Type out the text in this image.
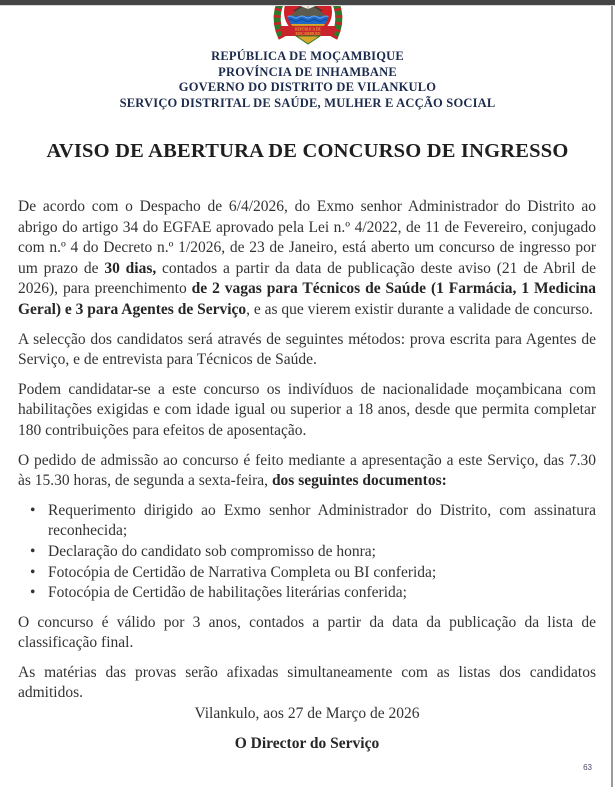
REPÚBLICA DE
MOÇAMBIQUE
REPÚBLICA DE MOÇAMBIQUE
PROVÍNCIA DE INHAMBANE
GOVERNO DO DISTRITO DE VILANKULO
SERVIÇO DISTRITAL DE SAÚDE, MULHER E ACÇÃO SOCIAL
AVISO DE ABERTURA DE CONCURSO DE INGRESSO

De acordo com o Despacho de 6/4/2026, do Exmo senhor Administrador do Distrito ao abrigo do artigo 34 do EGFAE aprovado pela Lei n.º 4/2022, de 11 de Fevereiro, conjugado com n.º 4 do Decreto n.º 1/2026, de 23 de Janeiro, está aberto um concurso de ingresso por um prazo de 30 dias, contados a partir da data de publicação deste aviso (21 de Abril de 2026), para preenchimento de 2 vagas para Técnicos de Saúde (1 Farmácia, 1 Medicina Geral) e 3 para Agentes de Serviço, e as que vierem existir durante a validade de concurso.

A selecção dos candidatos será através de seguintes métodos: prova escrita para Agentes de Serviço, e de entrevista para Técnicos de Saúde.

Podem candidatar-se a este concurso os indivíduos de nacionalidade moçambicana com habilitações exigidas e com idade igual ou superior a 18 anos, desde que permita completar 180 contribuições para efeitos de aposentação.

O pedido de admissão ao concurso é feito mediante a apresentação a este Serviço, das 7.30 às 15.30 horas, de segunda a sexta-feira, dos seguintes documentos:

• Requerimento dirigido ao Exmo senhor Administrador do Distrito, com assinatura reconhecida;
• Declaração do candidato sob compromisso de honra;
• Fotocópia de Certidão de Narrativa Completa ou BI conferida;
• Fotocópia de Certidão de habilitações literárias conferida;

O concurso é válido por 3 anos, contados a partir da data da publicação da lista de classificação final.

As matérias das provas serão afixadas simultaneamente com as listas dos candidatos admitidos.

Vilankulo, aos 27 de Março de 2026

O Director do Serviço

63
